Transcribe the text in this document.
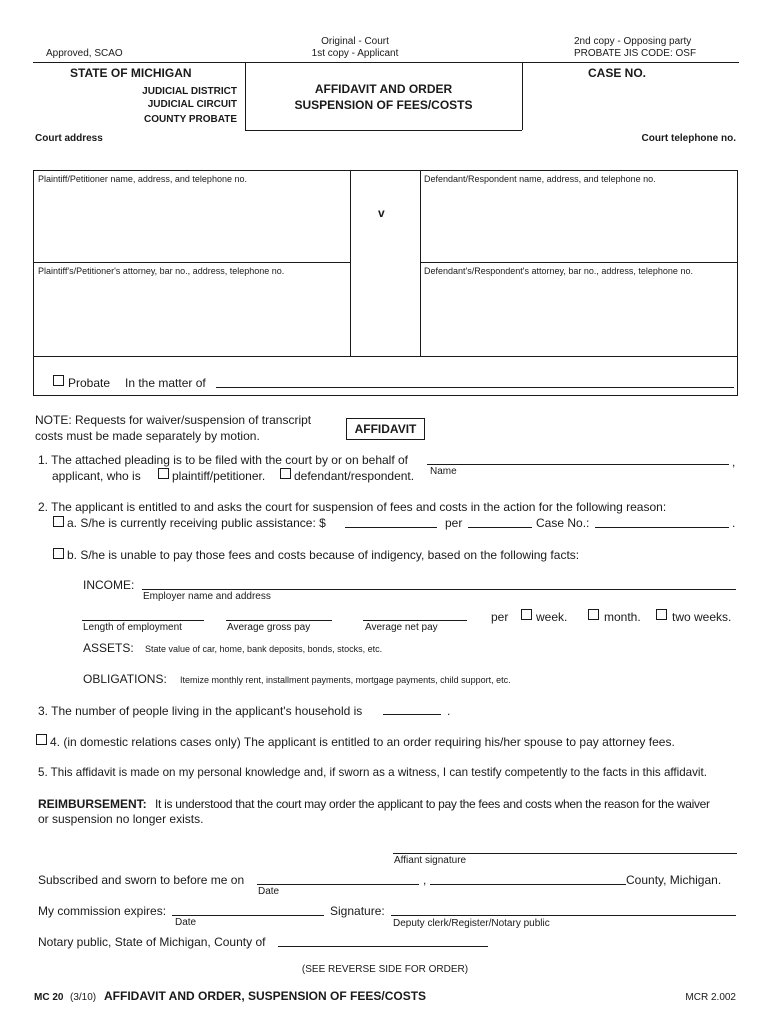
Approved, SCAO
Original - Court
1st copy - Applicant
2nd copy - Opposing party
PROBATE JIS CODE: OSF
STATE OF MICHIGAN
JUDICIAL DISTRICT
JUDICIAL CIRCUIT
COUNTY PROBATE
AFFIDAVIT AND ORDER
SUSPENSION OF FEES/COSTS
CASE NO.
Court address	Court telephone no.
Plaintiff/Petitioner name, address, and telephone no.
v
Defendant/Respondent name, address, and telephone no.
Plaintiff's/Petitioner's attorney, bar no., address, telephone no.	Defendant's/Respondent's attorney, bar no., address, telephone no.
Probate In the matter of
NOTE: Requests for waiver/suspension of transcript
costs must be made separately by motion.	AFFIDAVIT
1. The attached pleading is to be filed with the court by or on behalf of	,
applicant, who is	plaintiff/petitioner. defendant/respondent. Name
2. The applicant is entitled to and asks the court for suspension of fees and costs in the action for the following reason:
a. S/he is currently receiving public assistance: $	per	Case No.:	.
b. S/he is unable to pay those fees and costs because of indigency, based on the following facts:
INCOME:
Employer name and address
Length of employment	Average gross pay	Average net pay
per week.	month.	two weeks.
ASSETS: State value of car, home, bank deposits, bonds, stocks, etc.
OBLIGATIONS: Itemize monthly rent, installment payments, mortgage payments, child support, etc.
3. The number of people living in the applicant's household is	.
4. (in domestic relations cases only) The applicant is entitled to an order requiring his/her spouse to pay attorney fees.
5. This affidavit is made on my personal knowledge and, if sworn as a witness, I can testify competently to the facts in this affidavit.
REIMBURSEMENT: It is understood that the court may order the applicant to pay the fees and costs when the reason for the waiver
or suspension no longer exists.
Affiant signature
Subscribed and sworn to before me on
Date
,	County, Michigan.
My commission expires:
Date
Signature:
Deputy clerk/Register/Notary public
Notary public, State of Michigan, County of
(SEE REVERSE SIDE FOR ORDER)
MC 20 (3/10) AFFIDAVIT AND ORDER, SUSPENSION OF FEES/COSTS	MCR 2.002
